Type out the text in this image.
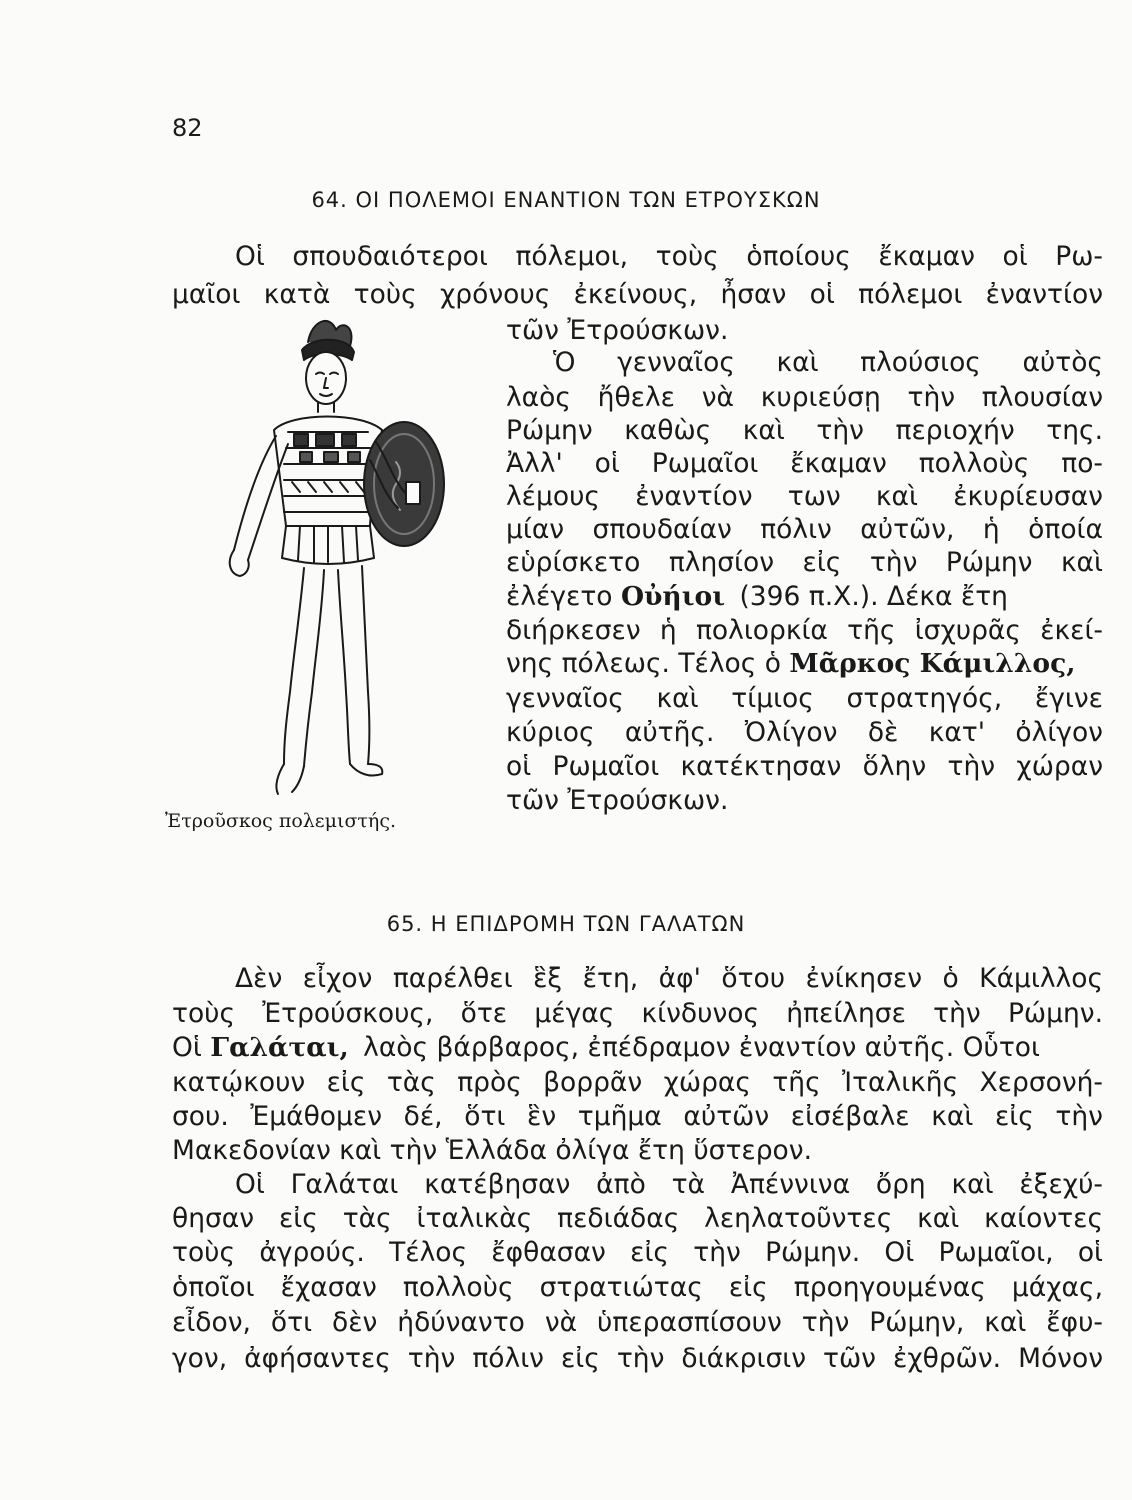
82
64. ΟΙ ΠΟΛΕΜΟΙ ΕΝΑΝΤΙΟΝ ΤΩΝ ΕΤΡΟΥΣΚΩΝ
Οἱ σπουδαιότεροι πόλεμοι, τοὺς ὁποίους ἔκαμαν οἱ Ρω-
μαῖοι κατὰ τοὺς χρόνους ἐκείνους, ἦσαν οἱ πόλεμοι ἐναντίον
τῶν Ἐτρούσκων.
Ὁ γενναῖος καὶ πλούσιος αὐτὸς
λαὸς ἤθελε νὰ κυριεύσῃ τὴν πλουσίαν
Ρώμην καθὼς καὶ τὴν περιοχήν της.
Ἀλλ' οἱ Ρωμαῖοι ἔκαμαν πολλοὺς πο-
λέμους ἐναντίον των καὶ ἐκυρίευσαν
μίαν σπουδαίαν πόλιν αὐτῶν, ἡ ὁποία
εὑρίσκετο πλησίον εἰς τὴν Ρώμην καὶ
ἐλέγετο Οὐήιοι (396 π.Χ.). Δέκα ἔτη
διήρκεσεν ἡ πολιορκία τῆς ἰσχυρᾶς ἐκεί-
νης πόλεως. Τέλος ὁ Μᾶρκος Κάμιλλος,
γενναῖος καὶ τίμιος στρατηγός, ἔγινε
κύριος αὐτῆς. Ὀλίγον δὲ κατ' ὀλίγον
οἱ Ρωμαῖοι κατέκτησαν ὅλην τὴν χώραν
τῶν Ἐτρούσκων.
Ἐτροῦσκος πολεμιστής.
65. Η ΕΠΙΔΡΟΜΗ ΤΩΝ ΓΑΛΑΤΩΝ
Δὲν εἶχον παρέλθει ἓξ ἔτη, ἀφ' ὅτου ἐνίκησεν ὁ Κάμιλλος
τοὺς Ἐτρούσκους, ὅτε μέγας κίνδυνος ἠπείλησε τὴν Ρώμην.
Οἱ Γαλάται, λαὸς βάρβαρος, ἐπέδραμον ἐναντίον αὐτῆς. Οὗτοι
κατῴκουν εἰς τὰς πρὸς βορρᾶν χώρας τῆς Ἰταλικῆς Χερσονή-
σου. Ἐμάθομεν δέ, ὅτι ἓν τμῆμα αὐτῶν εἰσέβαλε καὶ εἰς τὴν
Μακεδονίαν καὶ τὴν Ἑλλάδα ὀλίγα ἔτη ὕστερον.
Οἱ Γαλάται κατέβησαν ἀπὸ τὰ Ἀπέννινα ὄρη καὶ ἐξεχύ-
θησαν εἰς τὰς ἰταλικὰς πεδιάδας λεηλατοῦντες καὶ καίοντες
τοὺς ἀγρούς. Τέλος ἔφθασαν εἰς τὴν Ρώμην. Οἱ Ρωμαῖοι, οἱ
ὁποῖοι ἔχασαν πολλοὺς στρατιώτας εἰς προηγουμένας μάχας,
εἶδον, ὅτι δὲν ἠδύναντο νὰ ὑπερασπίσουν τὴν Ρώμην, καὶ ἔφυ-
γον, ἀφήσαντες τὴν πόλιν εἰς τὴν διάκρισιν τῶν ἐχθρῶν. Μόνον
